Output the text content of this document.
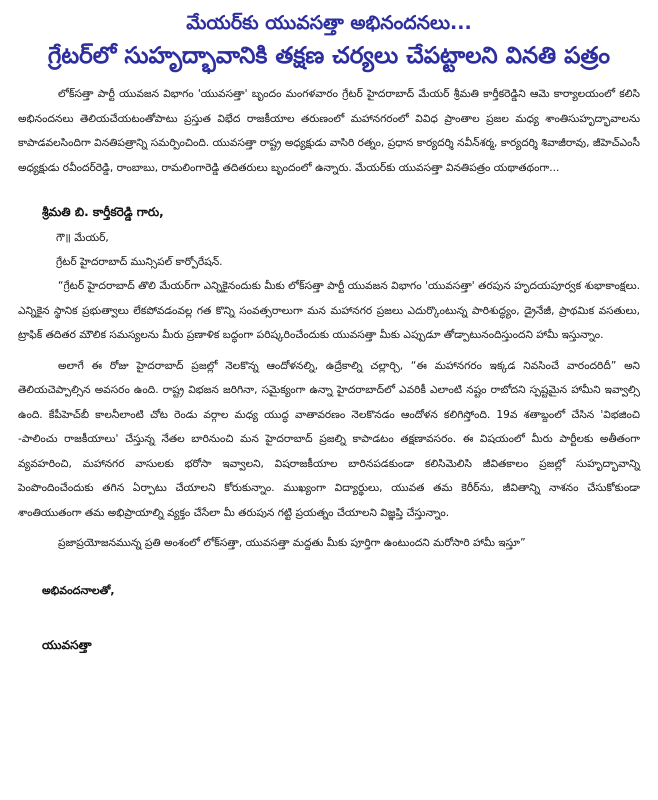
మేయర్‌కు యువసత్తా అభినందనలు...
గ్రేటర్‌లో సుహృద్భావానికి తక్షణ చర్యలు చేపట్టాలని వినతి పత్రం

లోక్‌సత్తా పార్టీ యువజన విభాగం 'యువసత్తా' బృందం మంగళవారం గ్రేటర్ హైదరాబాద్ మేయర్ శ్రీమతి కార్తీకరెడ్డిని ఆమె కార్యాలయంలో కలిసి అభినందనలు తెలియచేయటంతోపాటు ప్రస్తుత విభేద రాజకీయాల తరుణంలో మహానగరంలో వివిధ ప్రాంతాల ప్రజల మధ్య శాంతిసుహృద్భావాలను కాపాడవలసిందిగా వినతిపత్రాన్ని సమర్పించింది. యువసత్తా రాష్ట్ర అధ్యక్షుడు వాసిరి రత్నం, ప్రధాన కార్యదర్శి నవీన్‌శర్మ, కార్యదర్శి శివాజీరావు, జీహెచ్ఎంసీ అధ్యక్షుడు రవీందర్‌రెడ్డి, రాంబాబు, రామలింగారెడ్డి తదితరులు బృందంలో ఉన్నారు. మేయర్‌కు యువసత్తా వినతిపత్రం యథాతథంగా...

శ్రీమతి బి. కార్తీకరెడ్డి గారు,
గౌ॥ మేయర్,
గ్రేటర్ హైదరాబాద్ మున్సిపల్ కార్పోరేషన్.

“గ్రేటర్ హైదరాబాద్ తొలి మేయర్‌గా ఎన్నికైనందుకు మీకు లోక్‌సత్తా పార్టీ యువజన విభాగం 'యువసత్తా' తరపున హృదయపూర్వక శుభాకాంక్షలు. ఎన్నికైన స్థానిక ప్రభుత్వాలు లేకపోవడంవల్ల గత కొన్ని సంవత్సరాలుగా మన మహానగర ప్రజలు ఎదుర్కొంటున్న పారిశుద్ధ్యం, డ్రైనేజీ, ప్రాథమిక వసతులు, ట్రాఫిక్ తదితర మౌలిక సమస్యలను మీరు ప్రణాళిక బద్ధంగా పరిష్కరించేందుకు యువసత్తా మీకు ఎప్పుడూ తోడ్పాటునందిస్తుందని హామీ ఇస్తున్నాం.

అలాగే ఈ రోజు హైదరాబాద్ ప్రజల్లో నెలకొన్న ఆందోళనల్ని, ఉద్రేకాల్ని చల్లార్చి, “ఈ మహానగరం ఇక్కడ నివసించే వారందరిదీ” అని తెలియచెప్పాల్సిన అవసరం ఉంది. రాష్ట్ర విభజన జరిగినా, సమైక్యంగా ఉన్నా హైదరాబాద్‌లో ఎవరికీ ఎలాంటి నష్టం రాబోదని స్పష్టమైన హామీని ఇవ్వాల్సి ఉంది. కేపీహెచ్‌బీ కాలనీలాంటి చోట రెండు వర్గాల మధ్య యుద్ధ వాతావరణం నెలకొనడం ఆందోళన కలిగిస్తోంది. 19వ శతాబ్దంలో చేసిన 'విభజించి -పాలించు రాజకీయాలు' చేస్తున్న నేతల బారినుంచి మన హైదరాబాద్ ప్రజల్ని కాపాడటం తక్షణావసరం. ఈ విషయంలో మీరు పార్టీలకు అతీతంగా వ్యవహరించి, మహానగర వాసులకు భరోసా ఇవ్వాలని, విషరాజకీయాల బారినపడకుండా కలిసిమెలిసి జీవితకాలం ప్రజల్లో సుహృద్భావాన్ని పెంపొందించేందుకు తగిన ఏర్పాటు చేయాలని కోరుకున్నాం. ముఖ్యంగా విద్యార్థులు, యువత తమ కెరీర్‌ను, జీవితాన్ని నాశనం చేసుకోకుండా శాంతియుతంగా తమ అభిప్రాయాల్ని వ్యక్తం చేసేలా మీ తరుపున గట్టి ప్రయత్నం చేయాలని విజ్ఞప్తి చేస్తున్నాం.

ప్రజాప్రయోజనమున్న ప్రతి అంశంలో లోక్‌సత్తా, యువసత్తా మద్దతు మీకు పూర్తిగా ఉంటుందని మరోసారి హామీ ఇస్తూ”

అభివందనాలతో,
యువసత్తా
